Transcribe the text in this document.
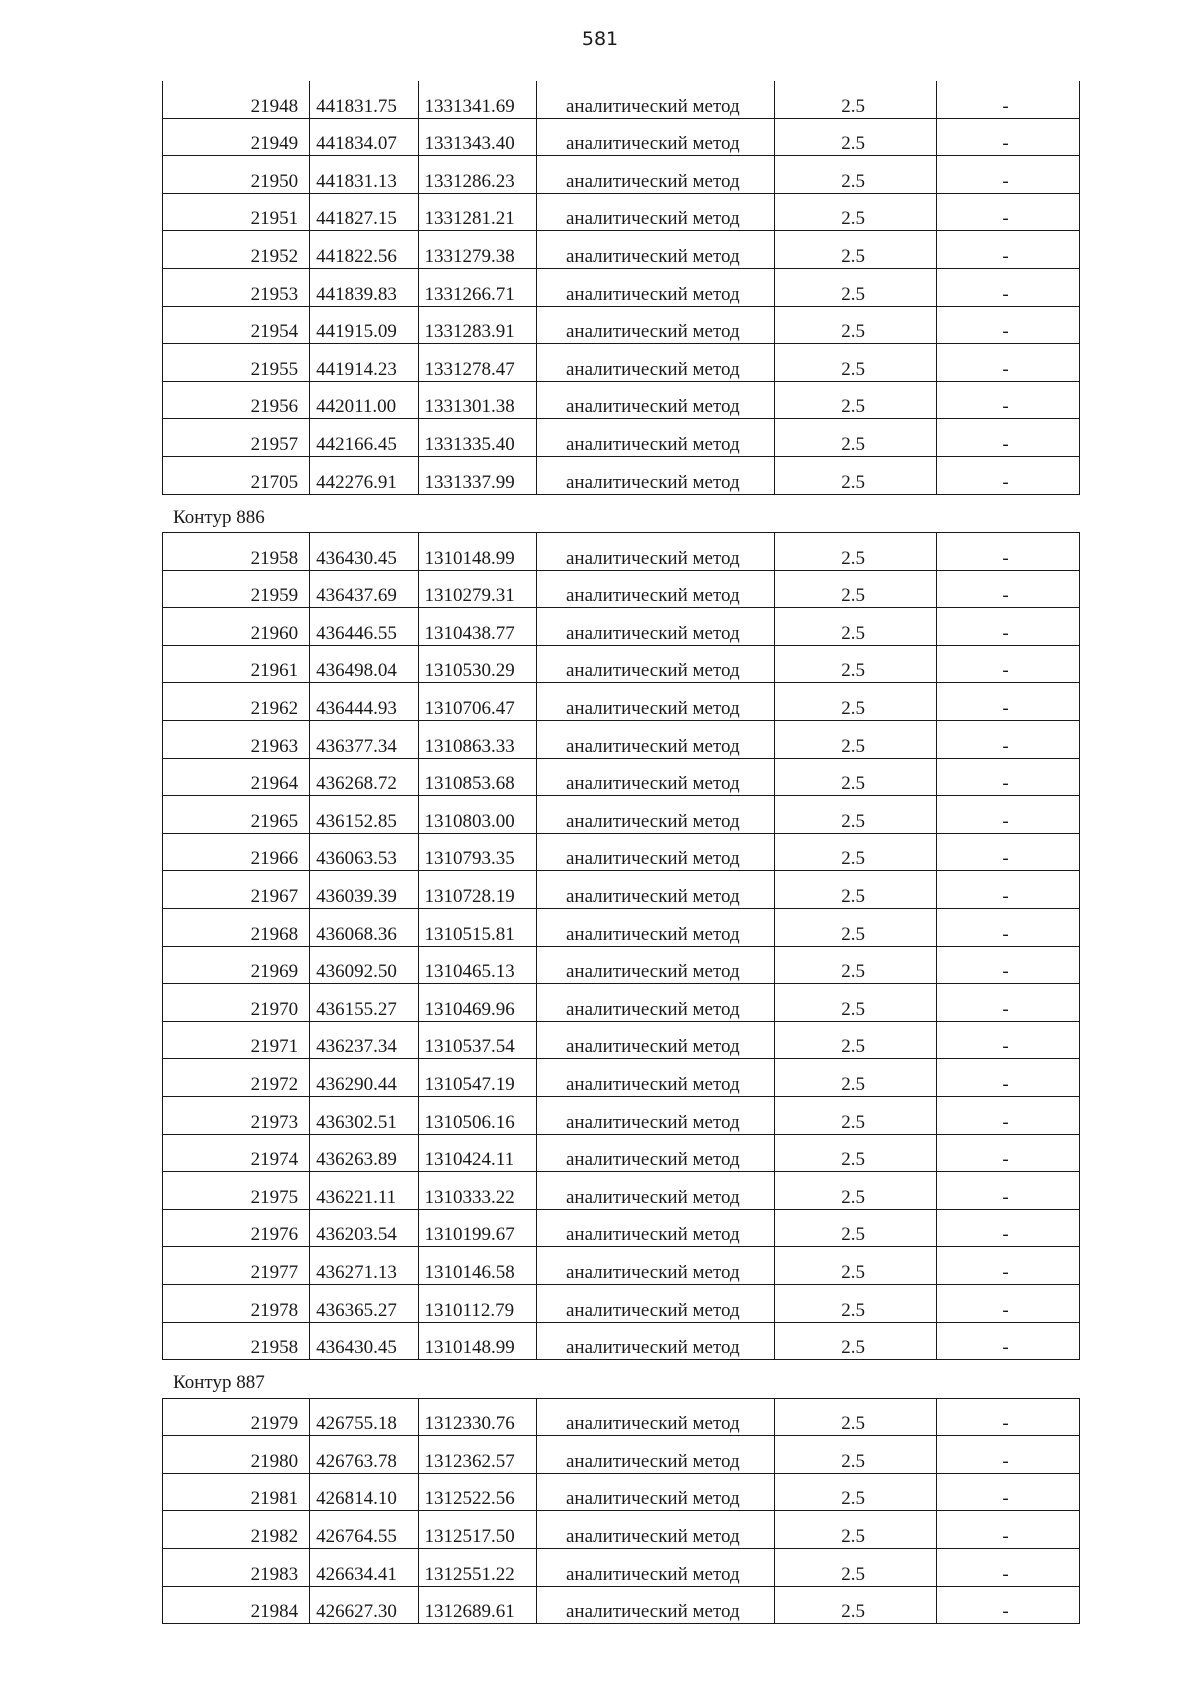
581
21948	441831.75	1331341.69	аналитический метод	2.5	-
21949	441834.07	1331343.40	аналитический метод	2.5	-
21950	441831.13	1331286.23	аналитический метод	2.5	-
21951	441827.15	1331281.21	аналитический метод	2.5	-
21952	441822.56	1331279.38	аналитический метод	2.5	-
21953	441839.83	1331266.71	аналитический метод	2.5	-
21954	441915.09	1331283.91	аналитический метод	2.5	-
21955	441914.23	1331278.47	аналитический метод	2.5	-
21956	442011.00	1331301.38	аналитический метод	2.5	-
21957	442166.45	1331335.40	аналитический метод	2.5	-
21705	442276.91	1331337.99	аналитический метод	2.5	-
Контур 886
21958	436430.45	1310148.99	аналитический метод	2.5	-
21959	436437.69	1310279.31	аналитический метод	2.5	-
21960	436446.55	1310438.77	аналитический метод	2.5	-
21961	436498.04	1310530.29	аналитический метод	2.5	-
21962	436444.93	1310706.47	аналитический метод	2.5	-
21963	436377.34	1310863.33	аналитический метод	2.5	-
21964	436268.72	1310853.68	аналитический метод	2.5	-
21965	436152.85	1310803.00	аналитический метод	2.5	-
21966	436063.53	1310793.35	аналитический метод	2.5	-
21967	436039.39	1310728.19	аналитический метод	2.5	-
21968	436068.36	1310515.81	аналитический метод	2.5	-
21969	436092.50	1310465.13	аналитический метод	2.5	-
21970	436155.27	1310469.96	аналитический метод	2.5	-
21971	436237.34	1310537.54	аналитический метод	2.5	-
21972	436290.44	1310547.19	аналитический метод	2.5	-
21973	436302.51	1310506.16	аналитический метод	2.5	-
21974	436263.89	1310424.11	аналитический метод	2.5	-
21975	436221.11	1310333.22	аналитический метод	2.5	-
21976	436203.54	1310199.67	аналитический метод	2.5	-
21977	436271.13	1310146.58	аналитический метод	2.5	-
21978	436365.27	1310112.79	аналитический метод	2.5	-
21958	436430.45	1310148.99	аналитический метод	2.5	-
Контур 887
21979	426755.18	1312330.76	аналитический метод	2.5	-
21980	426763.78	1312362.57	аналитический метод	2.5	-
21981	426814.10	1312522.56	аналитический метод	2.5	-
21982	426764.55	1312517.50	аналитический метод	2.5	-
21983	426634.41	1312551.22	аналитический метод	2.5	-
21984	426627.30	1312689.61	аналитический метод	2.5	-
